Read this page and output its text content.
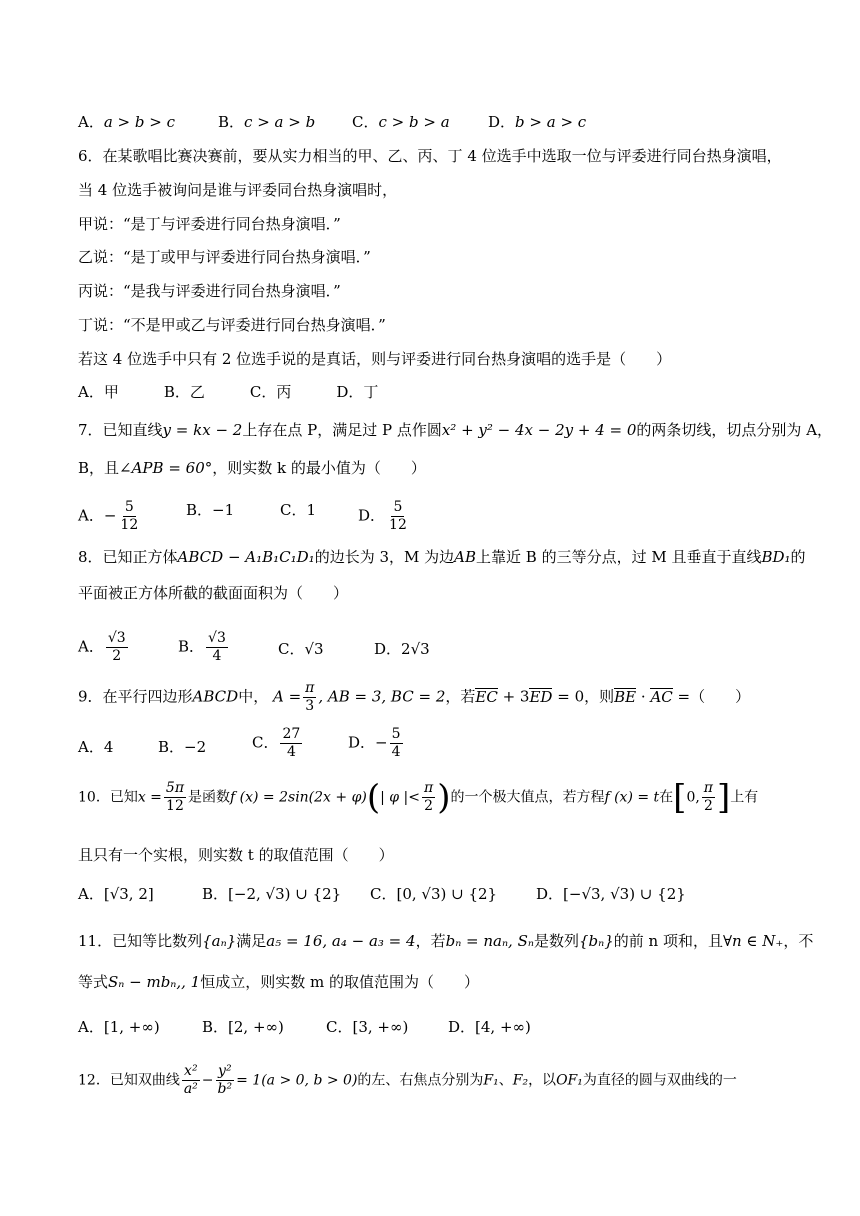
A．a > b > c	B．c > a > b C．c > b > a	D．b > a > c
6．在某歌唱比赛决赛前，要从实力相当的甲、乙、丙、丁 4 位选手中选取一位与评委进行同台热身演唱，
当 4 位选手被询问是谁与评委同台热身演唱时，
甲说：“是丁与评委进行同台热身演唱．”
乙说：“是丁或甲与评委进行同台热身演唱．”
丙说：“是我与评委进行同台热身演唱．”
丁说：“不是甲或乙与评委进行同台热身演唱．”
若这 4 位选手中只有 2 位选手说的是真话，则与评委进行同台热身演唱的选手是（　　）
A．甲　　　B．乙　　　C．丙　　　D．丁
7．已知直线y = kx − 2上存在点 P，满足过 P 点作圆x² + y² − 4x − 2y + 4 = 0的两条切线，切点分别为 A，
B，且∠APB = 60°，则实数 k 的最小值为（　　）
A．− $\frac{5}{12}$	B．−1	C．1	D． $\frac{5}{12}$
8．已知正方体ABCD − A₁B₁C₁D₁的边长为 3，M 为边AB上靠近 B 的三等分点，过 M 且垂直于直线BD₁的
平面被正方体所截的截面面积为（　　）
A． $\frac{√3}{2}$	B． $\frac{√3}{4}$	C．√3	D．2√3
9．在平行四边形ABCD中， $A = \frac{\pi}{3}$ , AB = 3, BC = 2，若EC + 3ED = 0，则BE · AC =（　　）
A．4	B．−2	C． $\frac{27}{4}$	D．− $\frac{5}{4}$
10．已知$x = \frac{5\pi}{12}$ 是函数f (x) = 2sin(2x + φ)(| φ |< $\frac{\pi}{2}$ )的一个极大值点，若方程f (x) = t在[0, $\frac{\pi}{2}$ ]上有
且只有一个实根，则实数 t 的取值范围（　　）
A．[√3, 2]	B．[−2, √3) ∪ {2} C．[0, √3) ∪ {2}	D．[−√3, √3) ∪ {2}
11．已知等比数列{aₙ}满足a₅ = 16, a₄ − a₃ = 4，若bₙ = naₙ, Sₙ是数列{bₙ}的前 n 项和，且∀n ∈ N₊，不
等式Sₙ − mbₙ,, 1恒成立，则实数 m 的取值范围为（　　）
A．[1, +∞)	B．[2, +∞)	C．[3, +∞)	D．[4, +∞)
12．已知双曲线 $\frac{\text{x²}}{\text{a²}} - \frac{\text{y²}}{\text{b²}} = 1(a > 0$, b > 0)的左、右焦点分别为F₁、F₂，以OF₁为直径的圆与双曲线的一
